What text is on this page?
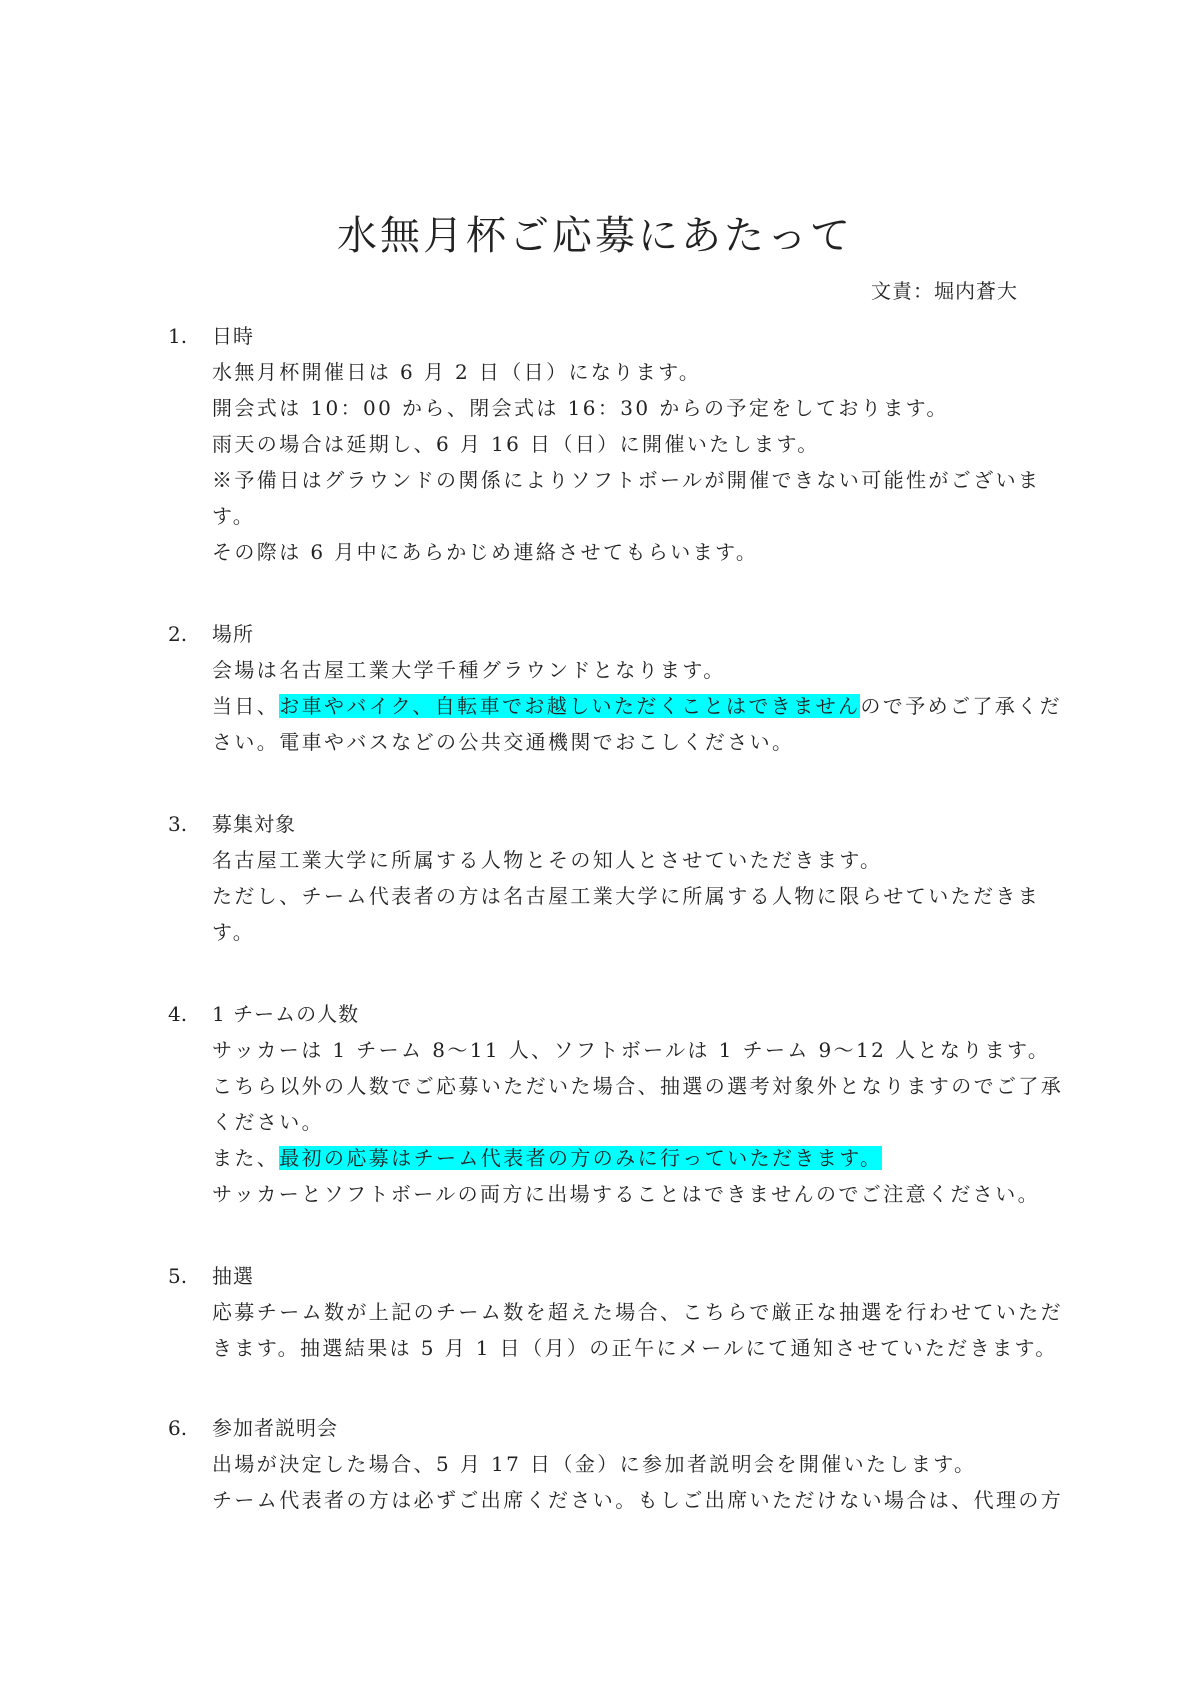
水無月杯ご応募にあたって
文責：堀内蒼大
1.	日時
水無月杯開催日は 6 月 2 日（日）になります。
開会式は 10：00 から、閉会式は 16：30 からの予定をしております。
雨天の場合は延期し、6 月 16 日（日）に開催いたします。
※予備日はグラウンドの関係によりソフトボールが開催できない可能性がございま
す。
その際は 6 月中にあらかじめ連絡させてもらいます。
2.	場所
会場は名古屋工業大学千種グラウンドとなります。
当日、お車やバイク、自転車でお越しいただくことはできませんので予めご了承くだ
さい。電車やバスなどの公共交通機関でおこしください。
3.	募集対象
名古屋工業大学に所属する人物とその知人とさせていただきます。
ただし、チーム代表者の方は名古屋工業大学に所属する人物に限らせていただきま
す。
4.	1 チームの人数
サッカーは 1 チーム 8～11 人、ソフトボールは 1 チーム 9～12 人となります。
こちら以外の人数でご応募いただいた場合、抽選の選考対象外となりますのでご了承
ください。
また、最初の応募はチーム代表者の方のみに行っていただきます。
サッカーとソフトボールの両方に出場することはできませんのでご注意ください。
5.	抽選
応募チーム数が上記のチーム数を超えた場合、こちらで厳正な抽選を行わせていただ
きます。抽選結果は 5 月 1 日（月）の正午にメールにて通知させていただきます。
6.	参加者説明会
出場が決定した場合、5 月 17 日（金）に参加者説明会を開催いたします。
チーム代表者の方は必ずご出席ください。もしご出席いただけない場合は、代理の方
